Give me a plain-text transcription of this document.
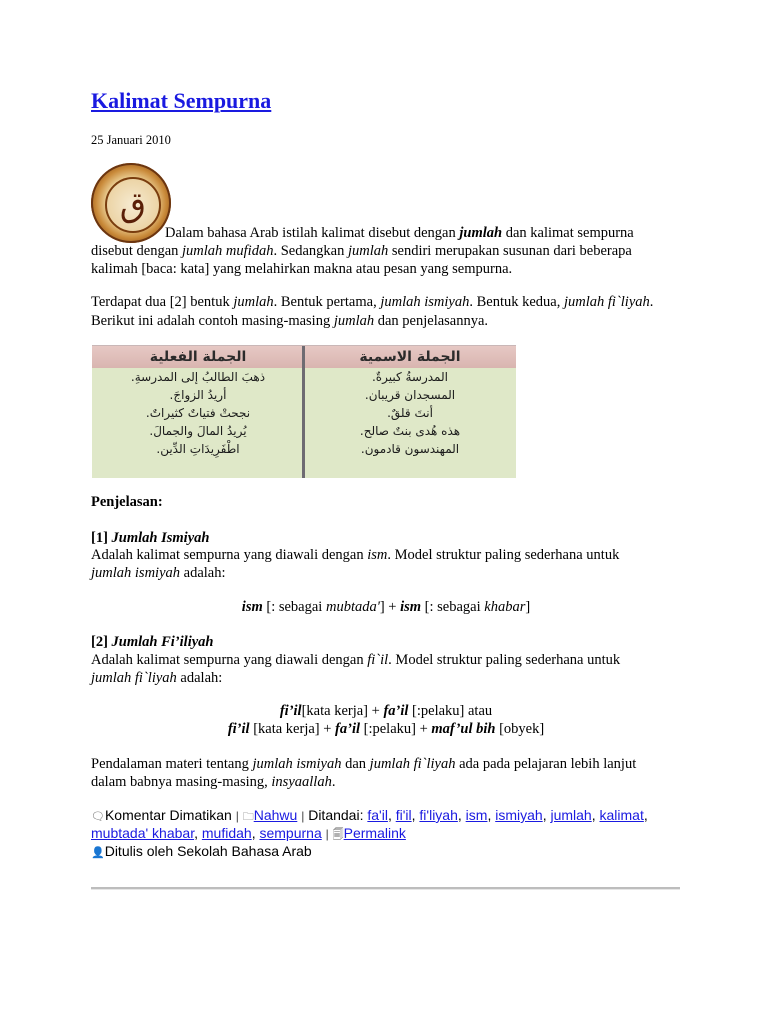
Kalimat Sempurna
25 Januari 2010
ق
Dalam bahasa Arab istilah kalimat disebut dengan jumlah dan kalimat sempurna
disebut dengan jumlah mufidah. Sedangkan jumlah sendiri merupakan susunan dari beberapa
kalimah [baca: kata] yang melahirkan makna atau pesan yang sempurna.
Terdapat dua [2] bentuk jumlah. Bentuk pertama, jumlah ismiyah. Bentuk kedua, jumlah fi`liyah.
Berikut ini adalah contoh masing-masing jumlah dan penjelasannya.
الجملة الاسمية
المدرسةُ كبيرةٌ.
المسجدان قريبان.
أنتَ قلقٌ.
هذه هُدى بنتٌ صالح.
المهندسون قادمون.
الجملة الفعلية
ذهبَ الطالبُ إلى المدرسةِ.
أريدُ الزواجَ.
نجحتْ فتياتٌ كثيراتٌ.
يُريدُ المالَ والجمالَ.
اطْفَرِيدَاتِ الدِّين.
Penjelasan:
[1] Jumlah Ismiyah
Adalah kalimat sempurna yang diawali dengan ism. Model struktur paling sederhana untuk
jumlah ismiyah adalah:
ism [: sebagai mubtada'] + ism [: sebagai khabar]
[2] Jumlah Fi’iliyah
Adalah kalimat sempurna yang diawali dengan fi`il. Model struktur paling sederhana untuk
jumlah fi`liyah adalah:
fi’il[kata kerja] + fa’il [:pelaku] atau
fi’il [kata kerja] + fa’il [:pelaku] + maf’ul bih [obyek]
Pendalaman materi tentang jumlah ismiyah dan jumlah fi`liyah ada pada pelajaran lebih lanjut
dalam babnya masing-masing, insyaallah.
🗨Komentar Dimatikan | 🗀Nahwu | Ditandai: fa'il, fi'il, fi'liyah, ism, ismiyah, jumlah, kalimat,
mubtada' khabar, mufidah, sempurna | 🗐Permalink
👤Ditulis oleh Sekolah Bahasa Arab
